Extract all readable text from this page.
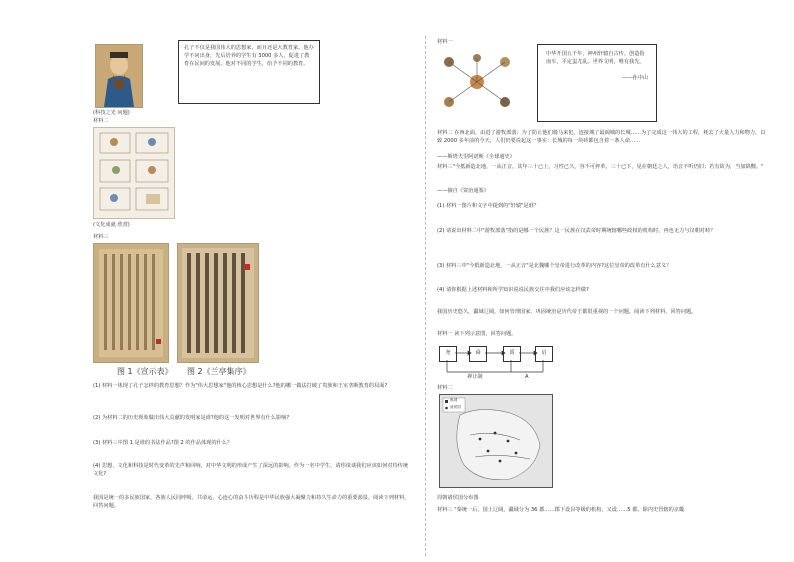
孔子不仅是我国伟大的思想家，而且还是大教育家。他办学不问出身，先后培养的学生有 3000 多人，促进了教育在民间的发展。他对不同的学生，给予不同的教育。
(科技之光 问题)
材料二
(文化成就 欣赏)
材料三
图 1《宣示表》 图 2《兰亭集序》
(1) 材料一体现了孔子怎样的教育思想？作为"伟大思想家"他的核心思想是什么?他的哪一做法打破了贵族和王室垄断教育的局面?
(2) 为材料二的历史现象做出伟大贡献的发明家是谁?他的这一发明对世界有什么影响?
(3) 材料三中图 1 是谁的书法作品?图 2 的作品体现的什么？
(4) 思想、文化和科技是时代变革的先声和回响，对中华文明的形成产生了深远的影响。作为一名中学生，请你谈谈我们应该如何对待传统文化?
我国是统一的多民族国家，各族人民同呼吸、共命运、心连心的奋斗历程是中华民族强大凝聚力和持久生命力的重要源泉。阅读下列材料，回答问题。
材料一
中华开国五千年，神州轩辕自古传。创造指南车，平定蚩尤乱。世界文明，唯有我先。
——孙中山
材料二 在西北面，由进了游牧部落：为了防止他们骑马来犯，连接城了最阔城的长城……为了完成这一伟大的工程，耗去了大量人力和物力，以致 2000 多年前的今天，人们仍要说起这一事实：长城的每一块砖都包含着一条人命……
——斯塔夫里阿诺斯《全球通史》
材料三"今抵新造北地，一从正音。其年三十已上，习性已久，容不可猝革。三十已下，见在朝廷之人，语音不听仍旧；若有故为，当加降黜。"
——摘自《资治通鉴》
(1) 材料一图片和文字中提到的"轩辕"是谁？
(2) 请说出材料二中"游牧部落"指的是哪一个民族？这一民族在汉武帝时期统辖哪些政权的机构时，再也无力与汉朝对峙？
(3) 材料三中"今抵新造北地，一从正音"是北魏哪个皇帝进行改革的内容?这位皇帝的改革有什么意义？
(4) 请你根据上述材料和所学知识说说民族交往中我们应该怎样做?
我国历史悠久，疆域辽阔，如何管理国家、巩固统治是历代帝王都很重视的一个问题。阅读下列材料，回答问题。
材料一 读下列示意图，回答问题。
尧	舜	禹	启
禅让制	A
材料二
都城
诸侯国
周朝诸侯国分布图
材料三 "秦统一后，国土辽阔，疆域分为 36 郡……郡下设县等级的机构，又设……5 郡。除内史管辖的京畿
